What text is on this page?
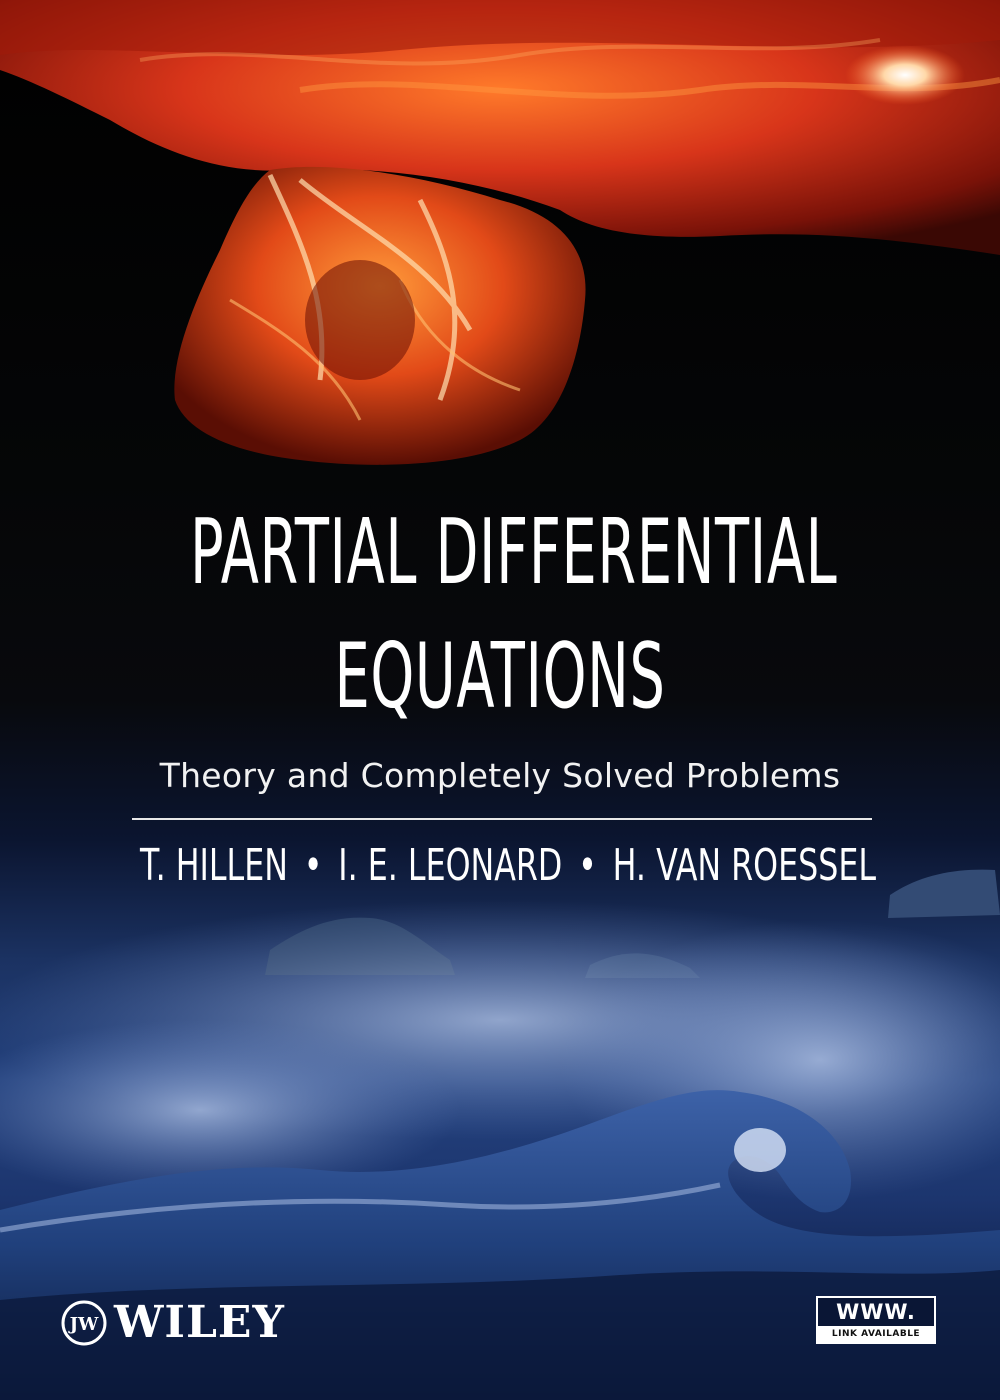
PARTIAL DIFFERENTIAL
EQUATIONS
Theory and Completely Solved Problems
T. HILLEN • I. E. LEONARD • H. VAN ROESSEL
JW WILEY	WWW.
LINK AVAILABLE
